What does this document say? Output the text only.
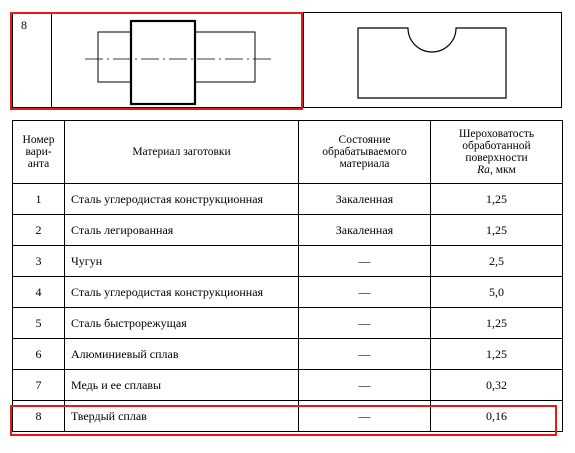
8
Номер
вари-
анта	Материал заготовки	Состояние
обрабатываемого
материала	Шероховатость
обработанной
поверхности
Ra, мкм
1	Сталь углеродистая конструкционная	Закаленная	1,25
2	Сталь легированная	Закаленная	1,25
3	Чугун	—	2,5
4	Сталь углеродистая конструкционная	—	5,0
5	Сталь быстрорежущая	—	1,25
6	Алюминиевый сплав	—	1,25
7	Медь и ее сплавы	—	0,32
8	Твердый сплав	—	0,16
